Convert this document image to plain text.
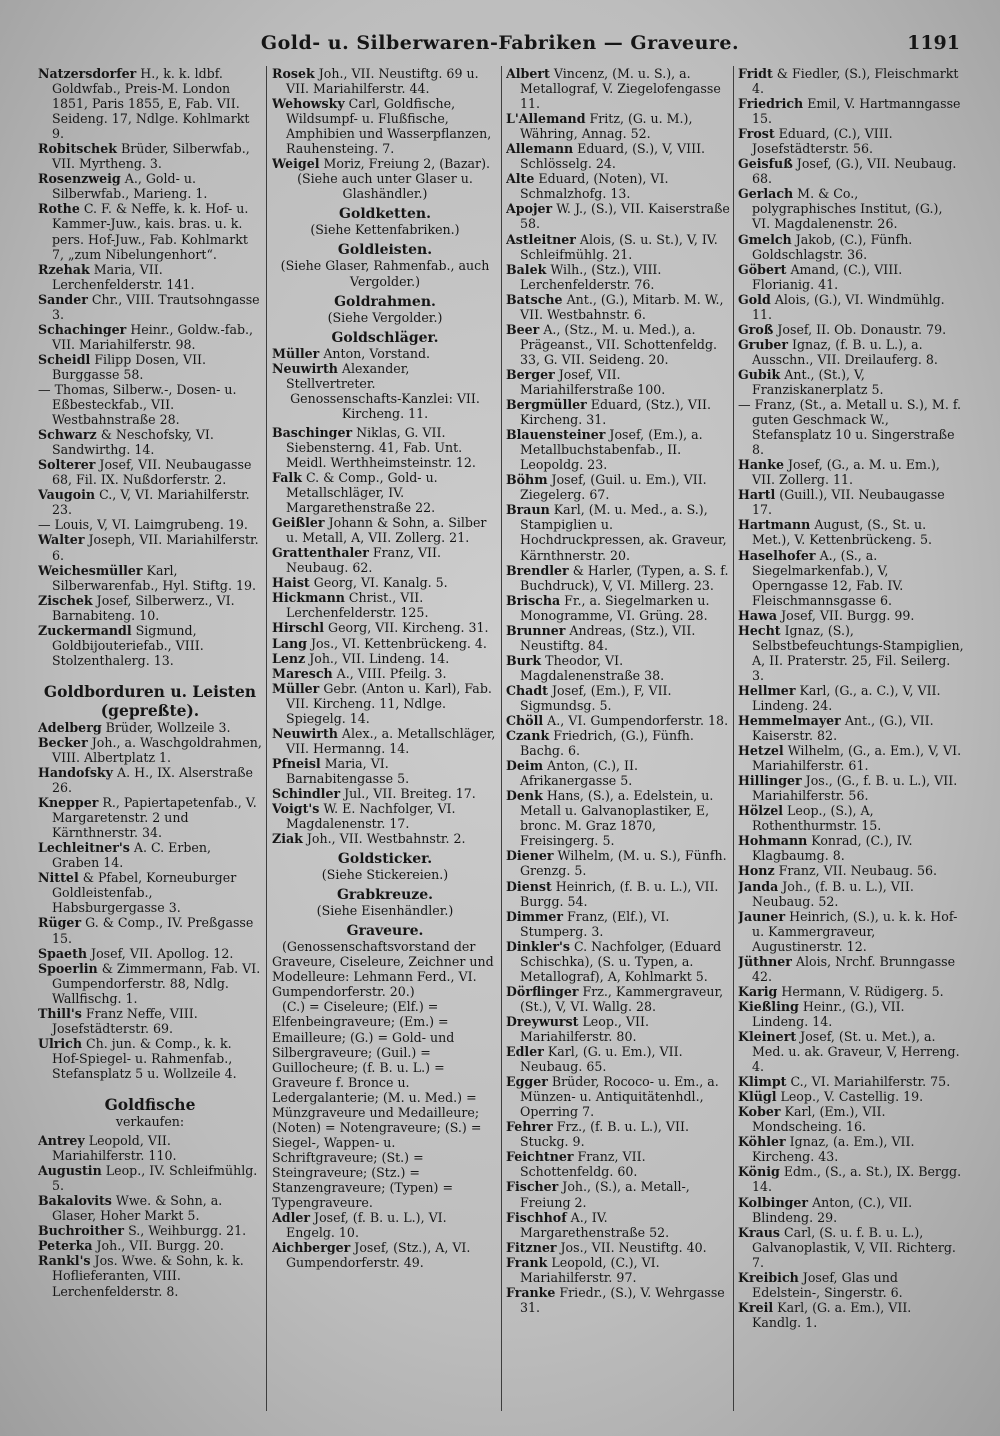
Gold- u. Silberwaren-Fabriken — Graveure.	1191

Natzersdorfer H., k. k. ldbf. Goldwfab., Preis-M. London 1851, Paris 1855, E, Fab. VII. Seideng. 17, Ndlge. Kohlmarkt 9.

Robitschek Brüder, Silberwfab., VII. Myrtheng. 3.

Rosenzweig A., Gold- u. Silberwfab., Marieng. 1.

Rothe C. F. & Neffe, k. k. Hof- u. Kammer-Juw., kais. bras. u. k. pers. Hof-Juw., Fab. Kohlmarkt 7, „zum Nibelungenhort“.

Rzehak Maria, VII. Lerchenfelderstr. 141.

Sander Chr., VIII. Trautsohngasse 3.

Schachinger Heinr., Goldw.-fab., VII. Mariahilferstr. 98.

Scheidl Filipp Dosen, VII. Burggasse 58.

— Thomas, Silberw.-, Dosen- u. Eßbesteckfab., VII. Westbahnstraße 28.

Schwarz & Neschofsky, VI. Sandwirthg. 14.

Solterer Josef, VII. Neubaugasse 68, Fil. IX. Nußdorferstr. 2.

Vaugoin C., V, VI. Mariahilferstr. 23.

— Louis, V, VI. Laimgrubeng. 19.

Walter Joseph, VII. Mariahilferstr. 6.

Weichesmüller Karl, Silberwarenfab., Hyl. Stiftg. 19.

Zischek Josef, Silberwerz., VI. Barnabiteng. 10.

Zuckermandl Sigmund, Goldbijouteriefab., VIII. Stolzenthalerg. 13.

Goldborduren u. Leisten (gepreßte).

Adelberg Brüder, Wollzeile 3.

Becker Joh., a. Waschgoldrahmen, VIII. Albertplatz 1.

Handofsky A. H., IX. Alserstraße 26.

Knepper R., Papiertapetenfab., V. Margaretenstr. 2 und Kärnthnerstr. 34.

Lechleitner's A. C. Erben, Graben 14.

Nittel & Pfabel, Korneuburger Goldleistenfab., Habsburgergasse 3.

Rüger G. & Comp., IV. Preßgasse 15.

Spaeth Josef, VII. Apollog. 12.

Spoerlin & Zimmermann, Fab. VI. Gumpendorferstr. 88, Ndlg. Wallfischg. 1.

Thill's Franz Neffe, VIII. Josefstädterstr. 69.

Ulrich Ch. jun. & Comp., k. k. Hof-Spiegel- u. Rahmenfab., Stefansplatz 5 u. Wollzeile 4.

Goldfische
verkaufen:

Antrey Leopold, VII. Mariahilferstr. 110.

Augustin Leop., IV. Schleifmühlg. 5.

Bakalovits Wwe. & Sohn, a. Glaser, Hoher Markt 5.

Buchroither S., Weihburgg. 21.

Peterka Joh., VII. Burgg. 20.

Rankl's Jos. Wwe. & Sohn, k. k. Hoflieferanten, VIII. Lerchenfelderstr. 8.

Rosek Joh., VII. Neustiftg. 69 u. VII. Mariahilferstr. 44.

Wehowsky Carl, Goldfische, Wildsumpf- u. Flußfische, Amphibien und Wasserpflanzen, Rauhensteing. 7.

Weigel Moriz, Freiung 2, (Bazar).

(Siehe auch unter Glaser u. Glashändler.)
Goldketten.
(Siehe Kettenfabriken.)
Goldleisten.
(Siehe Glaser, Rahmenfab., auch Vergolder.)
Goldrahmen.
(Siehe Vergolder.)
Goldschläger.

Müller Anton, Vorstand.

Neuwirth Alexander, Stellvertreter.

Genossenschafts-Kanzlei: VII. Kircheng. 11.

Baschinger Niklas, G. VII. Siebensterng. 41, Fab. Unt. Meidl. Werthheimsteinstr. 12.

Falk C. & Comp., Gold- u. Metallschläger, IV. Margarethenstraße 22.

Geißler Johann & Sohn, a. Silber u. Metall, A, VII. Zollerg. 21.

Grattenthaler Franz, VII. Neubaug. 62.

Haist Georg, VI. Kanalg. 5.

Hickmann Christ., VII. Lerchenfelderstr. 125.

Hirschl Georg, VII. Kircheng. 31.

Lang Jos., VI. Kettenbrückeng. 4.

Lenz Joh., VII. Lindeng. 14.

Maresch A., VIII. Pfeilg. 3.

Müller Gebr. (Anton u. Karl), Fab. VII. Kircheng. 11, Ndlge. Spiegelg. 14.

Neuwirth Alex., a. Metallschläger, VII. Hermanng. 14.

Pfneisl Maria, VI. Barnabitengasse 5.

Schindler Jul., VII. Breiteg. 17.

Voigt's W. E. Nachfolger, VI. Magdalenenstr. 17.

Ziak Joh., VII. Westbahnstr. 2.

Goldsticker.
(Siehe Stickereien.)
Grabkreuze.
(Siehe Eisenhändler.)
Graveure.
(Genossenschaftsvorstand der Graveure, Ciseleure, Zeichner und Modelleure: Lehmann Ferd., VI. Gumpendorferstr. 20.)
(C.) = Ciseleure; (Elf.) = Elfenbeingraveure; (Em.) = Emailleure; (G.) = Gold- und Silbergraveure; (Guil.) = Guillocheure; (f. B. u. L.) = Graveure f. Bronce u. Ledergalanterie; (M. u. Med.) = Münzgraveure und Medailleure; (Noten) = Notengraveure; (S.) = Siegel-, Wappen- u. Schriftgraveure; (St.) = Steingraveure; (Stz.) = Stanzengraveure; (Typen) = Typengraveure.

Adler Josef, (f. B. u. L.), VI. Engelg. 10.

Aichberger Josef, (Stz.), A, VI. Gumpendorferstr. 49.

Albert Vincenz, (M. u. S.), a. Metallograf, V. Ziegelofengasse 11.

L'Allemand Fritz, (G. u. M.), Währing, Annag. 52.

Allemann Eduard, (S.), V, VIII. Schlösselg. 24.

Alte Eduard, (Noten), VI. Schmalzhofg. 13.

Apojer W. J., (S.), VII. Kaiserstraße 58.

Astleitner Alois, (S. u. St.), V, IV. Schleifmühlg. 21.

Balek Wilh., (Stz.), VIII. Lerchenfelderstr. 76.

Batsche Ant., (G.), Mitarb. M. W., VII. Westbahnstr. 6.

Beer A., (Stz., M. u. Med.), a. Prägeanst., VII. Schottenfeldg. 33, G. VII. Seideng. 20.

Berger Josef, VII. Mariahilferstraße 100.

Bergmüller Eduard, (Stz.), VII. Kircheng. 31.

Blauensteiner Josef, (Em.), a. Metallbuchstabenfab., II. Leopoldg. 23.

Böhm Josef, (Guil. u. Em.), VII. Ziegelerg. 67.

Braun Karl, (M. u. Med., a. S.), Stampiglien u. Hochdruckpressen, ak. Graveur, Kärnthnerstr. 20.

Brendler & Harler, (Typen, a. S. f. Buchdruck), V, VI. Millerg. 23.

Brischa Fr., a. Siegelmarken u. Monogramme, VI. Grüng. 28.

Brunner Andreas, (Stz.), VII. Neustiftg. 84.

Burk Theodor, VI. Magdalenenstraße 38.

Chadt Josef, (Em.), F, VII. Sigmundsg. 5.

Chöll A., VI. Gumpendorferstr. 18.

Czank Friedrich, (G.), Fünfh. Bachg. 6.

Deim Anton, (C.), II. Afrikanergasse 5.

Denk Hans, (S.), a. Edelstein, u. Metall u. Galvanoplastiker, E, bronc. M. Graz 1870, Freisingerg. 5.

Diener Wilhelm, (M. u. S.), Fünfh. Grenzg. 5.

Dienst Heinrich, (f. B. u. L.), VII. Burgg. 54.

Dimmer Franz, (Elf.), VI. Stumperg. 3.

Dinkler's C. Nachfolger, (Eduard Schischka), (S. u. Typen, a. Metallograf), A, Kohlmarkt 5.

Dörflinger Frz., Kammergraveur, (St.), V, VI. Wallg. 28.

Dreywurst Leop., VII. Mariahilferstr. 80.

Edler Karl, (G. u. Em.), VII. Neubaug. 65.

Egger Brüder, Rococo- u. Em., a. Münzen- u. Antiquitätenhdl., Operring 7.

Fehrer Frz., (f. B. u. L.), VII. Stuckg. 9.

Feichtner Franz, VII. Schottenfeldg. 60.

Fischer Joh., (S.), a. Metall-, Freiung 2.

Fischhof A., IV. Margarethenstraße 52.

Fitzner Jos., VII. Neustiftg. 40.

Frank Leopold, (C.), VI. Mariahilferstr. 97.

Franke Friedr., (S.), V. Wehrgasse 31.

Fridt & Fiedler, (S.), Fleischmarkt 4.

Friedrich Emil, V. Hartmanngasse 15.

Frost Eduard, (C.), VIII. Josefstädterstr. 56.

Geisfuß Josef, (G.), VII. Neubaug. 68.

Gerlach M. & Co., polygraphisches Institut, (G.), VI. Magdalenenstr. 26.

Gmelch Jakob, (C.), Fünfh. Goldschlagstr. 36.

Göbert Amand, (C.), VIII. Florianig. 41.

Gold Alois, (G.), VI. Windmühlg. 11.

Groß Josef, II. Ob. Donaustr. 79.

Gruber Ignaz, (f. B. u. L.), a. Ausschn., VII. Dreilauferg. 8.

Gubik Ant., (St.), V, Franziskanerplatz 5.

— Franz, (St., a. Metall u. S.), M. f. guten Geschmack W., Stefansplatz 10 u. Singerstraße 8.

Hanke Josef, (G., a. M. u. Em.), VII. Zollerg. 11.

Hartl (Guill.), VII. Neubaugasse 17.

Hartmann August, (S., St. u. Met.), V. Kettenbrückeng. 5.

Haselhofer A., (S., a. Siegelmarkenfab.), V, Operngasse 12, Fab. IV. Fleischmannsgasse 6.

Hawa Josef, VII. Burgg. 99.

Hecht Ignaz, (S.), Selbstbefeuchtungs-Stampiglien, A, II. Praterstr. 25, Fil. Seilerg. 3.

Hellmer Karl, (G., a. C.), V, VII. Lindeng. 24.

Hemmelmayer Ant., (G.), VII. Kaiserstr. 82.

Hetzel Wilhelm, (G., a. Em.), V, VI. Mariahilferstr. 61.

Hillinger Jos., (G., f. B. u. L.), VII. Mariahilferstr. 56.

Hölzel Leop., (S.), A, Rothenthurmstr. 15.

Hohmann Konrad, (C.), IV. Klagbaumg. 8.

Honz Franz, VII. Neubaug. 56.

Janda Joh., (f. B. u. L.), VII. Neubaug. 52.

Jauner Heinrich, (S.), u. k. k. Hof- u. Kammergraveur, Augustinerstr. 12.

Jüthner Alois, Nrchf. Brunngasse 42.

Karig Hermann, V. Rüdigerg. 5.

Kießling Heinr., (G.), VII. Lindeng. 14.

Kleinert Josef, (St. u. Met.), a. Med. u. ak. Graveur, V, Herreng. 4.

Klimpt C., VI. Mariahilferstr. 75.

Klügl Leop., V. Castellig. 19.

Kober Karl, (Em.), VII. Mondscheing. 16.

Köhler Ignaz, (a. Em.), VII. Kircheng. 43.

König Edm., (S., a. St.), IX. Bergg. 14.

Kolbinger Anton, (C.), VII. Blindeng. 29.

Kraus Carl, (S. u. f. B. u. L.), Galvanoplastik, V, VII. Richterg. 7.

Kreibich Josef, Glas und Edelstein-, Singerstr. 6.

Kreil Karl, (G. a. Em.), VII. Kandlg. 1.
